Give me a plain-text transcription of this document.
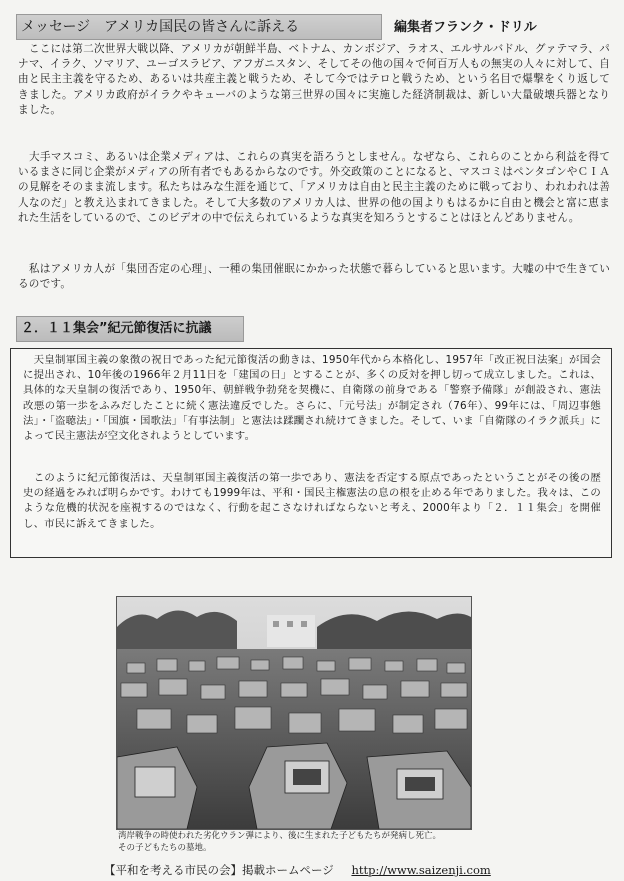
メッセージ　アメリカ国民の皆さんに訴える	編集者フランク・ドリル
　ここには第二次世界大戦以降、アメリカが朝鮮半島、ベトナム、カンボジア、ラオス、エルサルバドル、グァテマラ、パナマ、イラク、ソマリア、ユーゴスラビア、アフガニスタン、そしてその他の国々で何百万人もの無実の人々に対して、自由と民主主義を守るため、あるいは共産主義と戦うため、そして今ではテロと戦うため、という名目で爆撃をくり返してきました。アメリカ政府がイラクやキューバのような第三世界の国々に実施した経済制裁は、新しい大量破壊兵器となりました。
　大手マスコミ、あるいは企業メディアは、これらの真実を語ろうとしません。なぜなら、これらのことから利益を得ているまさに同じ企業がメディアの所有者でもあるからなのです。外交政策のことになると、マスコミはペンタゴンやＣＩＡの見解をそのまま流します。私たちはみな生涯を通じて、「アメリカは自由と民主主義のために戦っており、われわれは善人なのだ」と教え込まれてきました。そして大多数のアメリカ人は、世界の他の国よりもはるかに自由と機会と富に恵まれた生活をしているので、このビデオの中で伝えられているような真実を知ろうとすることはほとんどありません。
　私はアメリカ人が「集団否定の心理」、一種の集団催眠にかかった状態で暮らしていると思います。大嘘の中で生きているのです。
２．１１集会”紀元節復活に抗議
　天皇制軍国主義の象徴の祝日であった紀元節復活の動きは、1950年代から本格化し、1957年「改正祝日法案」が国会に提出され、10年後の1966年２月11日を「建国の日」とすることが、多くの反対を押し切って成立しました。これは、具体的な天皇制の復活であり、1950年、朝鮮戦争勃発を契機に、自衛隊の前身である「警察予備隊」が創設され、憲法改悪の第一歩をふみだしたことに続く憲法違反でした。さらに、「元号法」が制定され（76年）、99年には、「周辺事態法」・「盗聴法」・「国旗・国歌法」「有事法制」と憲法は蹂躙され続けてきました。そして、いま「自衛隊のイラク派兵」によって民主憲法が空文化されようとしています。
　このように紀元節復活は、天皇制軍国主義復活の第一歩であり、憲法を否定する原点であったということがその後の歴史の経過をみれば明らかです。わけても1999年は、平和・国民主権憲法の息の根を止める年でありました。我々は、このような危機的状況を座視するのではなく、行動を起こさなければならないと考え、2000年より「２．１１集会」を開催し、市民に訴えてきました。
湾岸戦争の時使われた劣化ウラン弾により、後に生まれた子どもたちが発病し死亡。
その子どもたちの墓地。
【平和を考える市民の会】掲載ホームページ http://www.saizenji.com
